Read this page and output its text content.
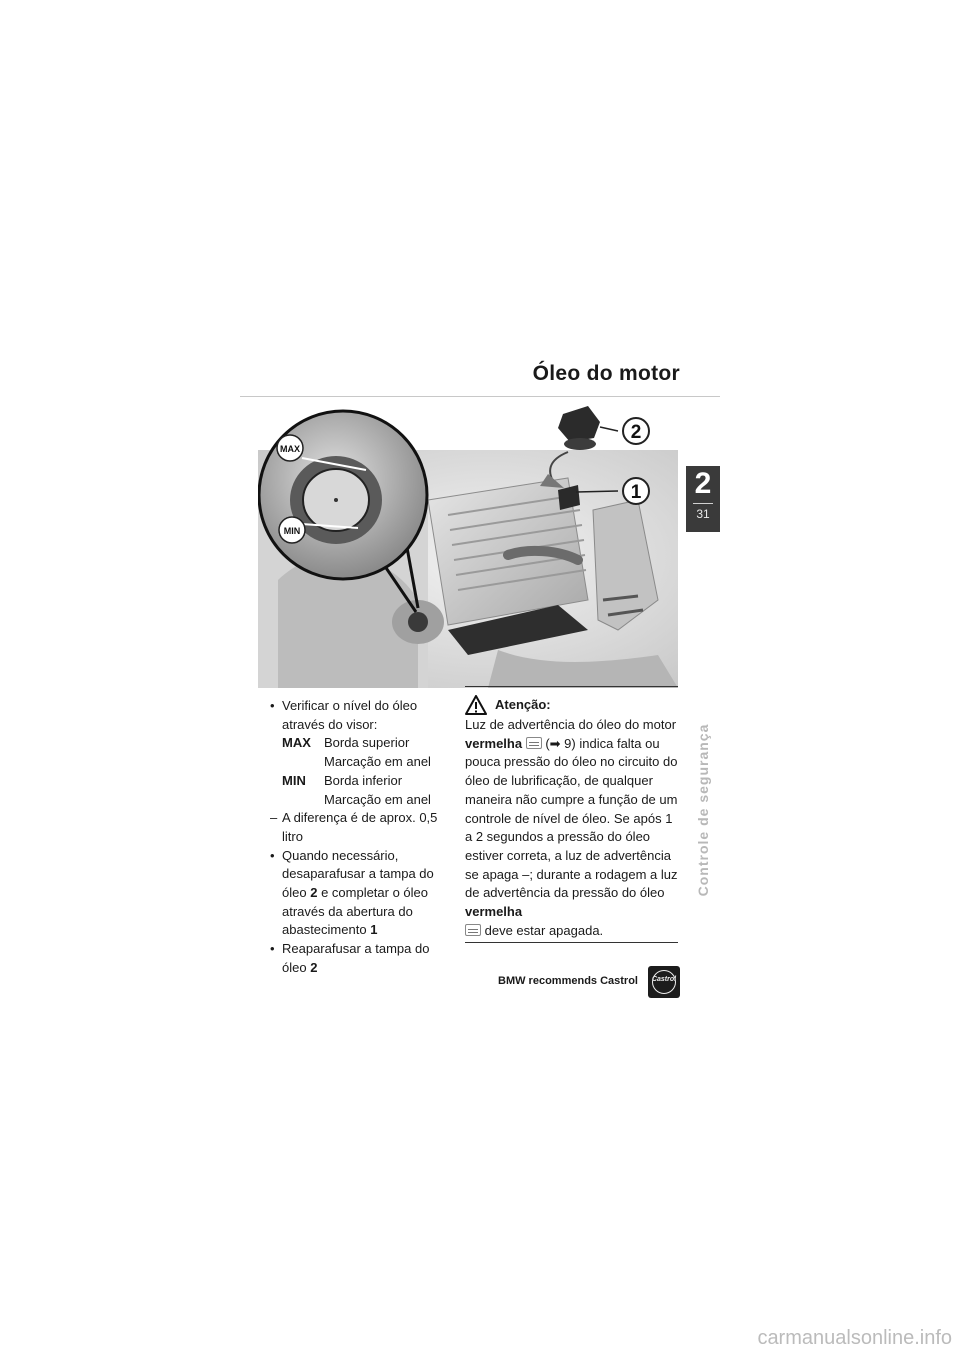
Óleo do motor
2
31
Controle de segurança
2
1
MAX
MIN
• Verificar o nível do óleo através do visor:
MAX	Borda superior
Marcação em anel
MIN	Borda inferior
Marcação em anel
– A diferença é de aprox. 0,5 litro
• Quando necessário, desaparafusar a tampa do óleo 2 e completar o óleo através da abertura do abastecimento 1
• Reaparafusar a tampa do óleo 2
Atenção:
Luz de advertência do óleo do motor vermelha (➡ 9) indica falta ou pouca pressão do óleo no circuito do óleo de lubrificação, de qualquer maneira não cumpre a função de um controle de nível de óleo. Se após 1 a 2 segundos a pressão do óleo estiver correta, a luz de advertência se apaga –; durante a rodagem a luz de advertência da pressão do óleo vermelha
deve estar apagada.
BMW recommends Castrol	Castrol
carmanualsonline.info
